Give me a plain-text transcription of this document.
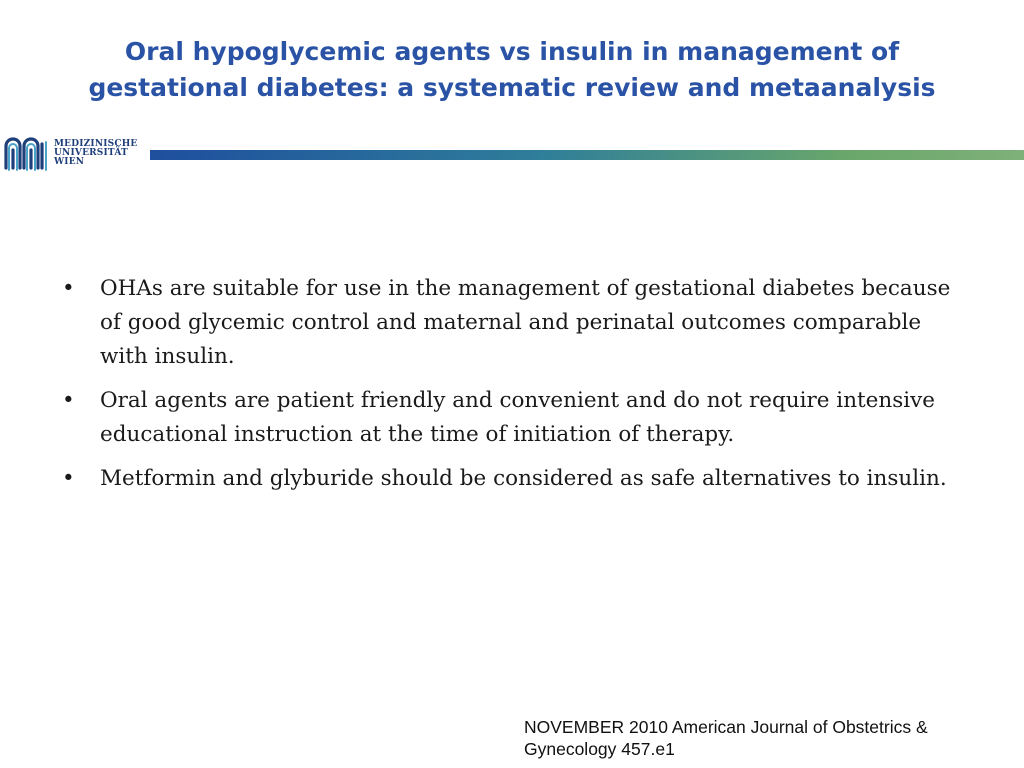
Oral hypoglycemic agents vs insulin in management of
gestational diabetes: a systematic review and metaanalysis
MEDIZINISCHE
UNIVERSITÄT
WIEN
• OHAs are suitable for use in the management of gestational diabetes because of good glycemic control and maternal and perinatal outcomes comparable with insulin.
• Oral agents are patient friendly and convenient and do not require intensive educational instruction at the time of initiation of therapy.
• Metformin and glyburide should be considered as safe alternatives to insulin.
NOVEMBER 2010 American Journal of Obstetrics &
Gynecology 457.e1
